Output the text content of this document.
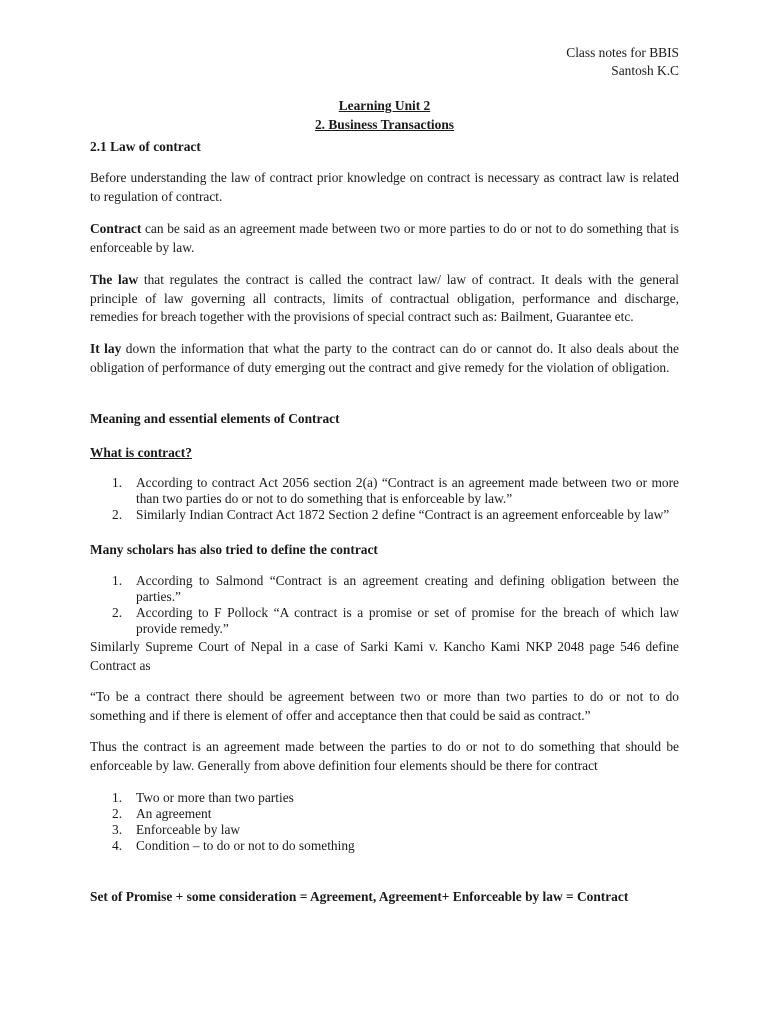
Class notes for BBIS
Santosh K.C
Learning Unit 2
2. Business Transactions
2.1 Law of contract
Before understanding the law of contract prior knowledge on contract is necessary as contract law is related to regulation of contract.
Contract can be said as an agreement made between two or more parties to do or not to do something that is enforceable by law.
The law that regulates the contract is called the contract law/ law of contract. It deals with the general principle of law governing all contracts, limits of contractual obligation, performance and discharge, remedies for breach together with the provisions of special contract such as: Bailment, Guarantee etc.
It lay down the information that what the party to the contract can do or cannot do. It also deals about the obligation of performance of duty emerging out the contract and give remedy for the violation of obligation.
Meaning and essential elements of Contract
What is contract?
1. According to contract Act 2056 section 2(a) “Contract is an agreement made between two or more than two parties do or not to do something that is enforceable by law.”
2. Similarly Indian Contract Act 1872 Section 2 define “Contract is an agreement enforceable by law”
Many scholars has also tried to define the contract
1. According to Salmond “Contract is an agreement creating and defining obligation between the parties.”
2. According to F Pollock “A contract is a promise or set of promise for the breach of which law provide remedy.”
Similarly Supreme Court of Nepal in a case of Sarki Kami v. Kancho Kami NKP 2048 page 546 define Contract as
“To be a contract there should be agreement between two or more than two parties to do or not to do something and if there is element of offer and acceptance then that could be said as contract.”
Thus the contract is an agreement made between the parties to do or not to do something that should be enforceable by law. Generally from above definition four elements should be there for contract
1. Two or more than two parties
2. An agreement
3. Enforceable by law
4. Condition – to do or not to do something
Set of Promise + some consideration = Agreement, Agreement+ Enforceable by law = Contract
